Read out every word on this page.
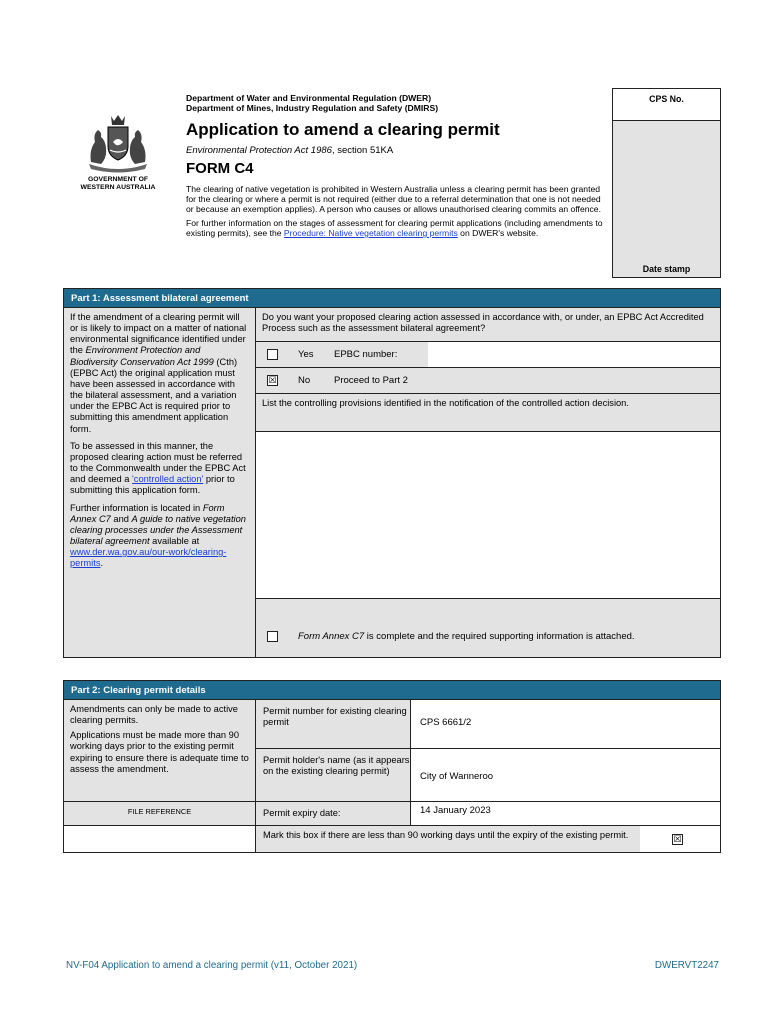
GOVERNMENT OF
WESTERN AUSTRALIA
Department of Water and Environmental Regulation (DWER)
Department of Mines, Industry Regulation and Safety (DMIRS)
Application to amend a clearing permit
Environmental Protection Act 1986, section 51KA
FORM C4

The clearing of native vegetation is prohibited in Western Australia unless a clearing permit has been granted for the clearing or where a permit is not required (either due to a referral determination that one is not needed or because an exemption applies). A person who causes or allows unauthorised clearing commits an offence.

For further information on the stages of assessment for clearing permit applications (including amendments to existing permits), see the Procedure: Native vegetation clearing permits on DWER's website.

CPS No.
Date stamp
Part 1: Assessment bilateral agreement

If the amendment of a clearing permit will or is likely to impact on a matter of national environmental significance identified under the Environment Protection and Biodiversity Conservation Act 1999 (Cth) (EPBC Act) the original application must have been assessed in accordance with the bilateral assessment, and a variation under the EPBC Act is required prior to submitting this amendment application form.

To be assessed in this manner, the proposed clearing action must be referred to the Commonwealth under the EPBC Act and deemed a 'controlled action' prior to submitting this application form.

Further information is located in Form Annex C7 and A guide to native vegetation clearing processes under the Assessment bilateral agreement available at www.der.wa.gov.au/our-work/clearing-permits.

Do you want your proposed clearing action assessed in accordance with, or under, an EPBC Act Accredited Process such as the assessment bilateral agreement?
Yes EPBC number:
☒ No	Proceed to Part 2
List the controlling provisions identified in the notification of the controlled action decision.
Form Annex C7 is complete and the required supporting information is attached.
Part 2: Clearing permit details

Amendments can only be made to active clearing permits.

Applications must be made more than 90 working days prior to the existing permit expiring to ensure there is adequate time to assess the amendment.

FILE REFERENCE
Permit number for existing clearing permit	CPS 6661/2
Permit holder's name (as it appears on the existing clearing permit)	City of Wanneroo
Permit expiry date:	14 January 2023
Mark this box if there are less than 90 working days until the expiry of the existing permit.	☒
NV-F04 Application to amend a clearing permit (v11, October 2021)	DWERVT2247
